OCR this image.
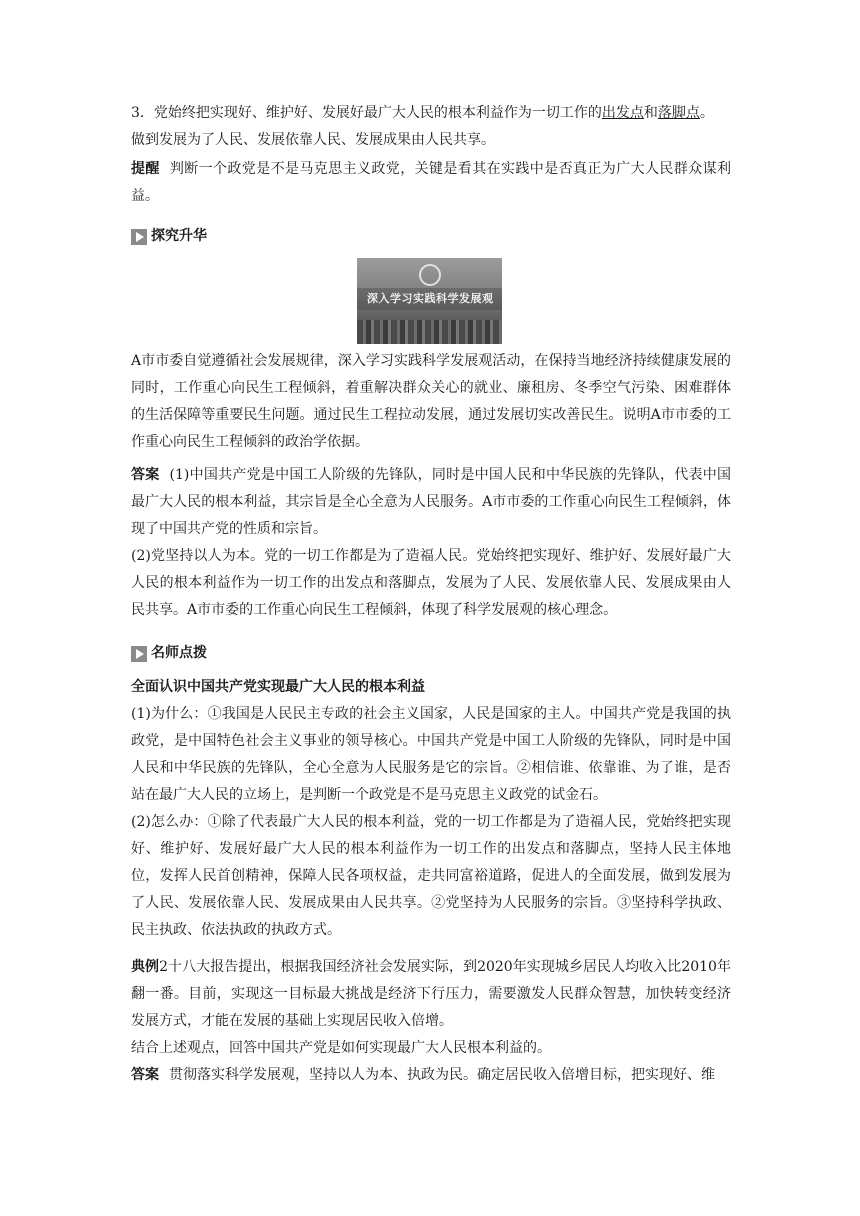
3．党始终把实现好、维护好、发展好最广大人民的根本利益作为一切工作的出发点和落脚点。

做到发展为了人民、发展依靠人民、发展成果由人民共享。

提醒 判断一个政党是不是马克思主义政党，关键是看其在实践中是否真正为广大人民群众谋利益。

探究升华
深入学习实践科学发展观

A市市委自觉遵循社会发展规律，深入学习实践科学发展观活动，在保持当地经济持续健康发展的同时，工作重心向民生工程倾斜，着重解决群众关心的就业、廉租房、冬季空气污染、困难群体的生活保障等重要民生问题。通过民生工程拉动发展，通过发展切实改善民生。说明A市市委的工作重心向民生工程倾斜的政治学依据。

答案 (1)中国共产党是中国工人阶级的先锋队，同时是中国人民和中华民族的先锋队，代表中国最广大人民的根本利益，其宗旨是全心全意为人民服务。A市市委的工作重心向民生工程倾斜，体现了中国共产党的性质和宗旨。

(2)党坚持以人为本。党的一切工作都是为了造福人民。党始终把实现好、维护好、发展好最广大人民的根本利益作为一切工作的出发点和落脚点，发展为了人民、发展依靠人民、发展成果由人民共享。A市市委的工作重心向民生工程倾斜，体现了科学发展观的核心理念。

名师点拨

全面认识中国共产党实现最广大人民的根本利益

(1)为什么：①我国是人民民主专政的社会主义国家，人民是国家的主人。中国共产党是我国的执政党，是中国特色社会主义事业的领导核心。中国共产党是中国工人阶级的先锋队，同时是中国人民和中华民族的先锋队，全心全意为人民服务是它的宗旨。②相信谁、依靠谁、为了谁，是否站在最广大人民的立场上，是判断一个政党是不是马克思主义政党的试金石。

(2)怎么办：①除了代表最广大人民的根本利益，党的一切工作都是为了造福人民，党始终把实现好、维护好、发展好最广大人民的根本利益作为一切工作的出发点和落脚点，坚持人民主体地位，发挥人民首创精神，保障人民各项权益，走共同富裕道路，促进人的全面发展，做到发展为了人民、发展依靠人民、发展成果由人民共享。②党坚持为人民服务的宗旨。③坚持科学执政、民主执政、依法执政的执政方式。

典例2十八大报告提出，根据我国经济社会发展实际，到2020年实现城乡居民人均收入比2010年翻一番。目前，实现这一目标最大挑战是经济下行压力，需要激发人民群众智慧，加快转变经济发展方式，才能在发展的基础上实现居民收入倍增。

结合上述观点，回答中国共产党是如何实现最广大人民根本利益的。

答案 贯彻落实科学发展观，坚持以人为本、执政为民。确定居民收入倍增目标，把实现好、维
